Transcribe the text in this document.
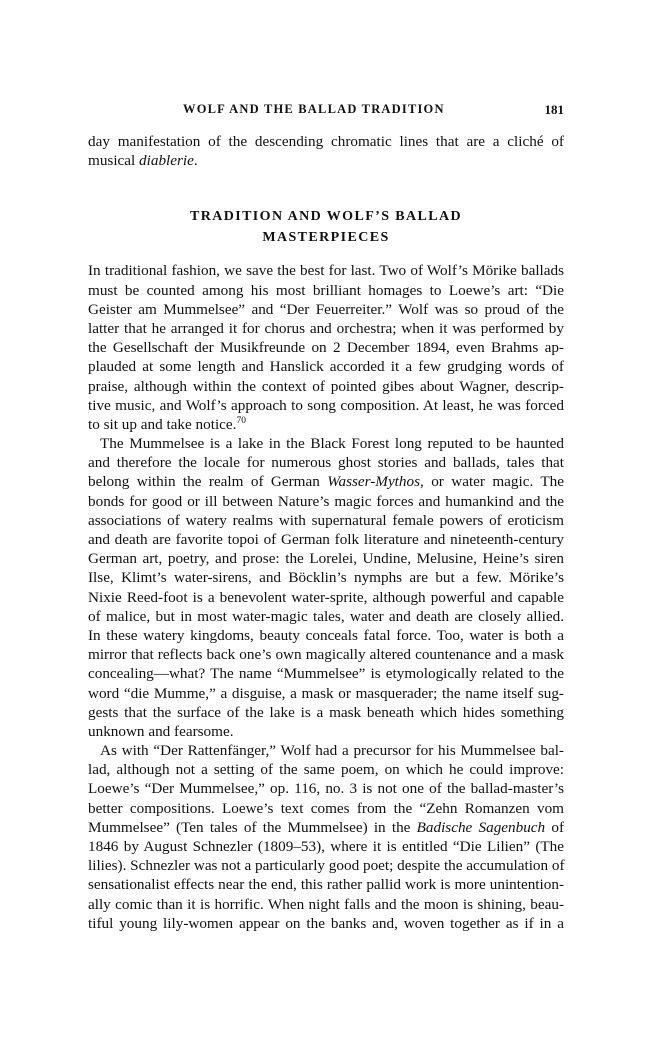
WOLF AND THE BALLAD TRADITION	181
day manifestation of the descending chromatic lines that are a cliché of
musical diablerie.
TRADITION AND WOLF’S BALLAD
MASTERPIECES
In traditional fashion, we save the best for last. Two of Wolf’s Mörike ballads
must be counted among his most brilliant homages to Loewe’s art: “Die
Geister am Mummelsee” and “Der Feuerreiter.” Wolf was so proud of the
latter that he arranged it for chorus and orchestra; when it was performed by
the Gesellschaft der Musikfreunde on 2 December 1894, even Brahms ap-
plauded at some length and Hanslick accorded it a few grudging words of
praise, although within the context of pointed gibes about Wagner, descrip-
tive music, and Wolf’s approach to song composition. At least, he was forced
to sit up and take notice.$^{70}$
The Mummelsee is a lake in the Black Forest long reputed to be haunted
and therefore the locale for numerous ghost stories and ballads, tales that
belong within the realm of German Wasser-Mythos, or water magic. The
bonds for good or ill between Nature’s magic forces and humankind and the
associations of watery realms with supernatural female powers of eroticism
and death are favorite topoi of German folk literature and nineteenth-century
German art, poetry, and prose: the Lorelei, Undine, Melusine, Heine’s siren
Ilse, Klimt’s water-sirens, and Böcklin’s nymphs are but a few. Mörike’s
Nixie Reed-foot is a benevolent water-sprite, although powerful and capable
of malice, but in most water-magic tales, water and death are closely allied.
In these watery kingdoms, beauty conceals fatal force. Too, water is both a
mirror that reflects back one’s own magically altered countenance and a mask
concealing—what? The name “Mummelsee” is etymologically related to the
word “die Mumme,” a disguise, a mask or masquerader; the name itself sug-
gests that the surface of the lake is a mask beneath which hides something
unknown and fearsome.
As with “Der Rattenfänger,” Wolf had a precursor for his Mummelsee bal-
lad, although not a setting of the same poem, on which he could improve:
Loewe’s “Der Mummelsee,” op. 116, no. 3 is not one of the ballad-master’s
better compositions. Loewe’s text comes from the “Zehn Romanzen vom
Mummelsee” (Ten tales of the Mummelsee) in the Badische Sagenbuch of
1846 by August Schnezler (1809–53), where it is entitled “Die Lilien” (The
lilies). Schnezler was not a particularly good poet; despite the accumulation of
sensationalist effects near the end, this rather pallid work is more unintention-
ally comic than it is horrific. When night falls and the moon is shining, beau-
tiful young lily-women appear on the banks and, woven together as if in a
